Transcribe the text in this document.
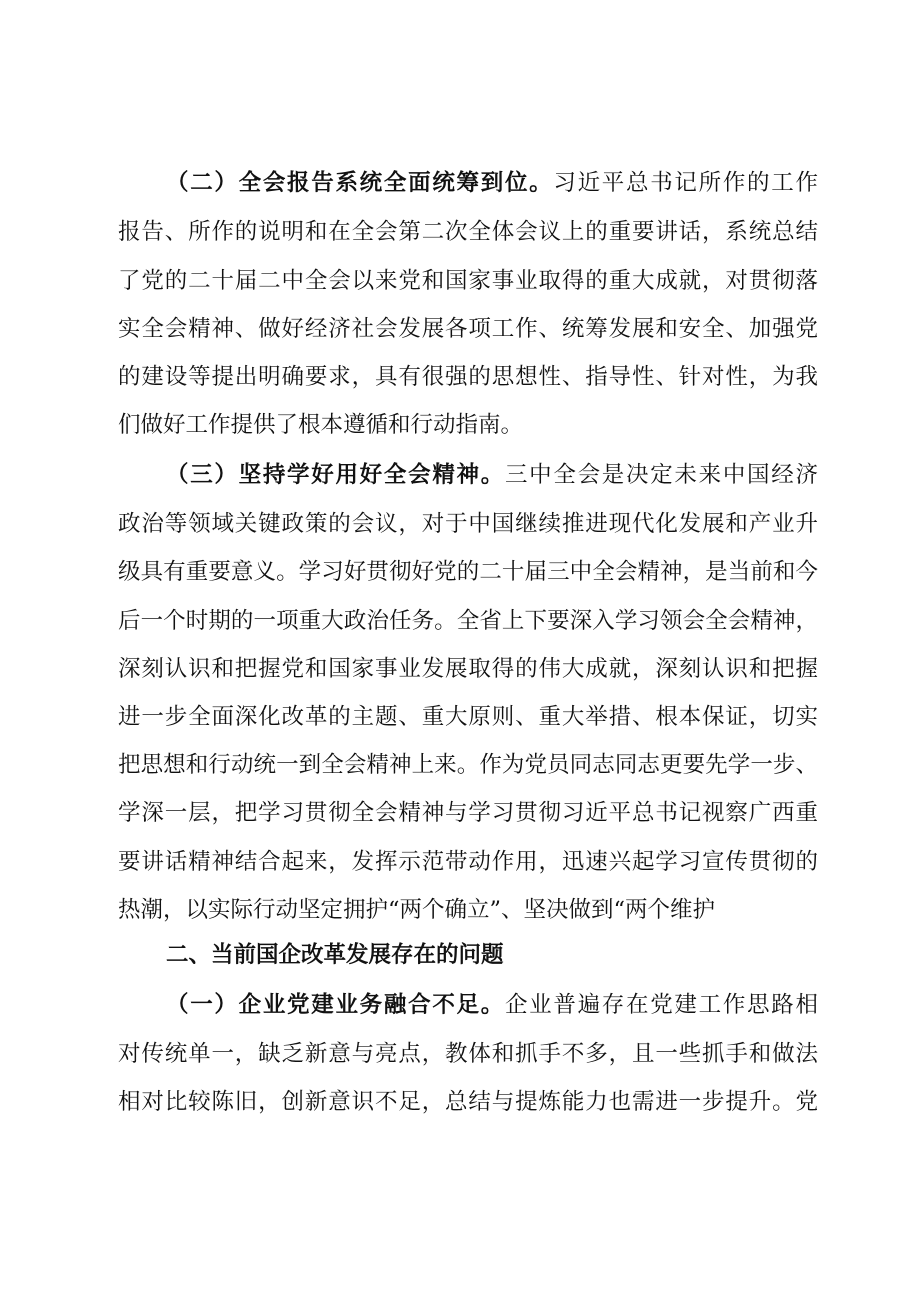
（二）全会报告系统全面统筹到位。习近平总书记所作的工作
报告、所作的说明和在全会第二次全体会议上的重要讲话，系统总结
了党的二十届二中全会以来党和国家事业取得的重大成就，对贯彻落
实全会精神、做好经济社会发展各项工作、统筹发展和安全、加强党
的建设等提出明确要求，具有很强的思想性、指导性、针对性，为我
们做好工作提供了根本遵循和行动指南。
（三）坚持学好用好全会精神。三中全会是决定未来中国经济
政治等领域关键政策的会议，对于中国继续推进现代化发展和产业升
级具有重要意义。学习好贯彻好党的二十届三中全会精神，是当前和今
后一个时期的一项重大政治任务。全省上下要深入学习领会全会精神，
深刻认识和把握党和国家事业发展取得的伟大成就，深刻认识和把握
进一步全面深化改革的主题、重大原则、重大举措、根本保证，切实
把思想和行动统一到全会精神上来。作为党员同志同志更要先学一步、
学深一层，把学习贯彻全会精神与学习贯彻习近平总书记视察广西重
要讲话精神结合起来，发挥示范带动作用，迅速兴起学习宣传贯彻的
热潮，以实际行动坚定拥护“两个确立”、坚决做到“两个维护
二、当前国企改革发展存在的问题
（一）企业党建业务融合不足。企业普遍存在党建工作思路相
对传统单一，缺乏新意与亮点，教体和抓手不多，且一些抓手和做法
相对比较陈旧，创新意识不足，总结与提炼能力也需进一步提升。党
